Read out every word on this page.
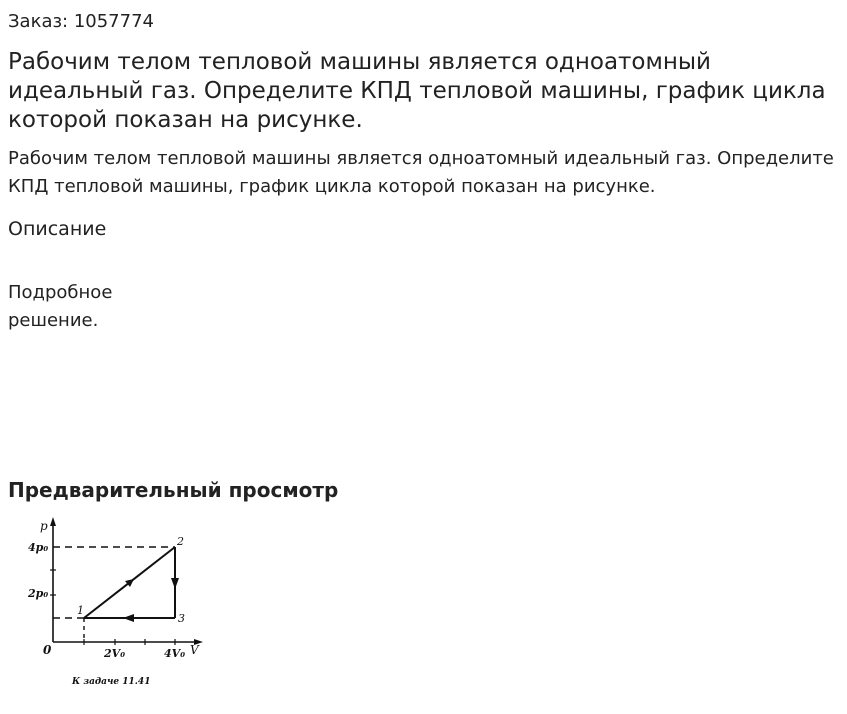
Заказ: 1057774
Рабочим телом тепловой машины является одноатомный идеальный газ. Определите КПД тепловой машины, график цикла которой показан на рисунке.

Рабочим телом тепловой машины является одноатомный идеальный газ. Определите КПД тепловой машины, график цикла которой показан на рисунке.

Описание

Подробное решение.

Предварительный просмотр
p
V
0
4p₀
2p₀
2V₀	4V₀
1
2
3
К задаче 11.41
